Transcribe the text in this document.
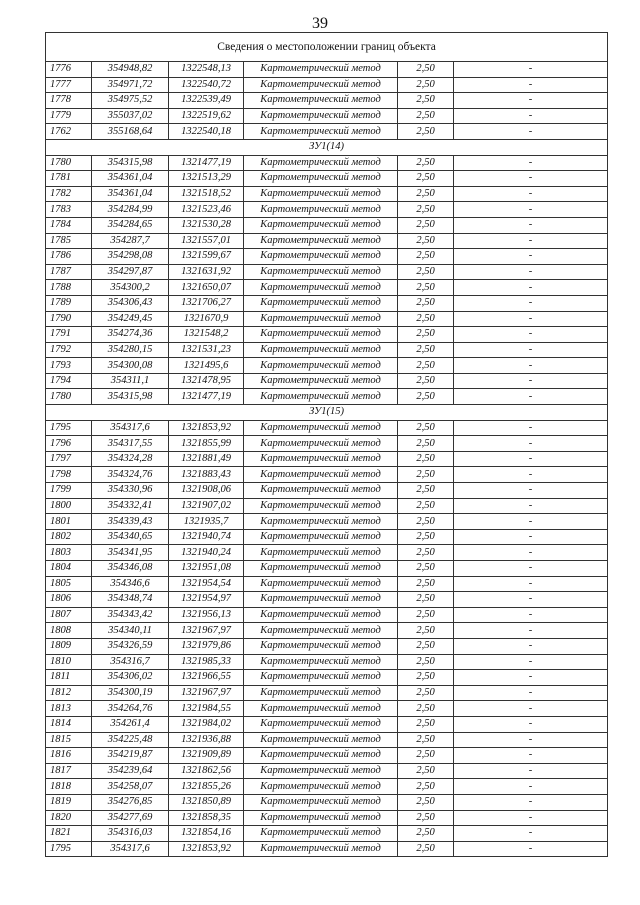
39
Сведения о местоположении границ объекта					
1776	354948,82	1322548,13	Картометрический метод	2,50	-
1777	354971,72	1322540,72	Картометрический метод	2,50	-
1778	354975,52	1322539,49	Картометрический метод	2,50	-
1779	355037,02	1322519,62	Картометрический метод	2,50	-
1762	355168,64	1322540,18	Картометрический метод	2,50	-
ЗУ1(14)					
1780	354315,98	1321477,19	Картометрический метод	2,50	-
1781	354361,04	1321513,29	Картометрический метод	2,50	-
1782	354361,04	1321518,52	Картометрический метод	2,50	-
1783	354284,99	1321523,46	Картометрический метод	2,50	-
1784	354284,65	1321530,28	Картометрический метод	2,50	-
1785	354287,7	1321557,01	Картометрический метод	2,50	-
1786	354298,08	1321599,67	Картометрический метод	2,50	-
1787	354297,87	1321631,92	Картометрический метод	2,50	-
1788	354300,2	1321650,07	Картометрический метод	2,50	-
1789	354306,43	1321706,27	Картометрический метод	2,50	-
1790	354249,45	1321670,9	Картометрический метод	2,50	-
1791	354274,36	1321548,2	Картометрический метод	2,50	-
1792	354280,15	1321531,23	Картометрический метод	2,50	-
1793	354300,08	1321495,6	Картометрический метод	2,50	-
1794	354311,1	1321478,95	Картометрический метод	2,50	-
1780	354315,98	1321477,19	Картометрический метод	2,50	-
ЗУ1(15)					
1795	354317,6	1321853,92	Картометрический метод	2,50	-
1796	354317,55	1321855,99	Картометрический метод	2,50	-
1797	354324,28	1321881,49	Картометрический метод	2,50	-
1798	354324,76	1321883,43	Картометрический метод	2,50	-
1799	354330,96	1321908,06	Картометрический метод	2,50	-
1800	354332,41	1321907,02	Картометрический метод	2,50	-
1801	354339,43	1321935,7	Картометрический метод	2,50	-
1802	354340,65	1321940,74	Картометрический метод	2,50	-
1803	354341,95	1321940,24	Картометрический метод	2,50	-
1804	354346,08	1321951,08	Картометрический метод	2,50	-
1805	354346,6	1321954,54	Картометрический метод	2,50	-
1806	354348,74	1321954,97	Картометрический метод	2,50	-
1807	354343,42	1321956,13	Картометрический метод	2,50	-
1808	354340,11	1321967,97	Картометрический метод	2,50	-
1809	354326,59	1321979,86	Картометрический метод	2,50	-
1810	354316,7	1321985,33	Картометрический метод	2,50	-
1811	354306,02	1321966,55	Картометрический метод	2,50	-
1812	354300,19	1321967,97	Картометрический метод	2,50	-
1813	354264,76	1321984,55	Картометрический метод	2,50	-
1814	354261,4	1321984,02	Картометрический метод	2,50	-
1815	354225,48	1321936,88	Картометрический метод	2,50	-
1816	354219,87	1321909,89	Картометрический метод	2,50	-
1817	354239,64	1321862,56	Картометрический метод	2,50	-
1818	354258,07	1321855,26	Картометрический метод	2,50	-
1819	354276,85	1321850,89	Картометрический метод	2,50	-
1820	354277,69	1321858,35	Картометрический метод	2,50	-
1821	354316,03	1321854,16	Картометрический метод	2,50	-
1795	354317,6	1321853,92	Картометрический метод	2,50	-
